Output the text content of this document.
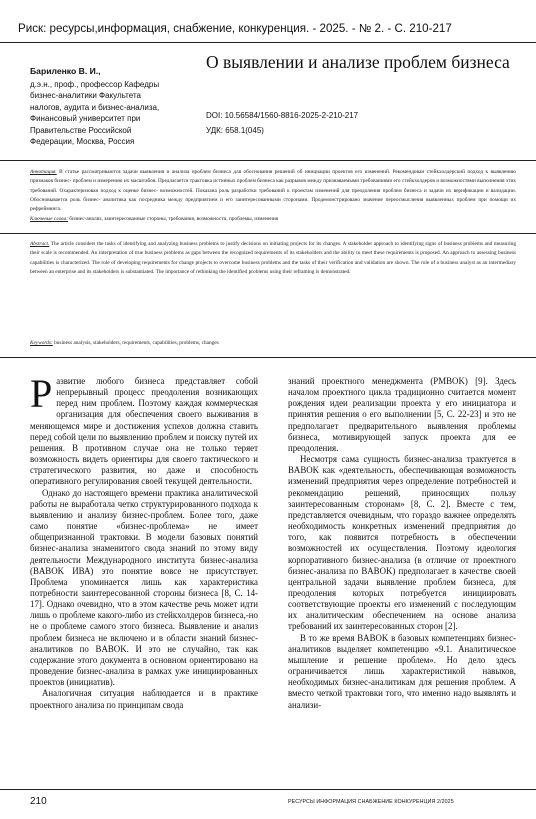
Риск: ресурсы,информация, снабжение, конкуренция. - 2025. - № 2. - С. 210-217
Бариленко В. И.,
д.э.н., проф., профессор Кафедры
бизнес-аналитики Факультета
налогов, аудита и бизнес-анализа,
Финансовый университет при
Правительстве Российской
Федерации, Москва, Россия
О выявлении и анализе проблем бизнеса
DOI: 10.56584/1560-8816-2025-2-210-217
УДК: 658.1(045)
Аннотация. В статье рассматриваются задачи выявления и анализа проблем бизнеса для обоснования решений об инициации проектов его изменений. Рекомендован стейкхолдерский подход к выявлению признаков бизнес- проблем и измерению их масштабов. Предлагается трактовка истинных проблем бизнеса как разрывов между признаваемыми требованиями его стейкхолдеров и возможностями выполнения этих требований. Охарактеризован подход к оценке бизнес- возможностей. Показана роль разработки требований к проектам изменений для преодоления проблем бизнеса и задачи их верификации и валидации. Обосновывается роль бизнес- аналитика как посредника между предприятием и его заинтересованными сторонами. Продемонстрировано значение переосмысления выявленных проблем при помощи их рефрейминга.
Ключевые слова: бизнес-анализ, заинтересованные стороны, требования, возможности, проблемы, изменения
Abstract. The article considers the tasks of identifying and analyzing business problems to justify decisions on initiating projects for its changes. A stakeholder approach to identifying signs of business problems and measuring their scale is recommended. An interpretation of true business problems as gaps between the recognized requirements of its stakeholders and the ability to meet these requirements is proposed. An approach to assessing business capabilities is characterized. The role of developing requirements for change projects to overcome business problems and the tasks of their verification and validation are shown. The role of a business analyst as an intermediary between an enterprise and its stakeholders is substantiated. The importance of rethinking the identified problems using their reframing is demonstrated.
Keywords: business analysis, stakeholders, requirements, capabilities, problems, changes
Р азвитие любого бизнеса представляет собой непрерывный процесс преодоления возникающих перед ним проблем. Поэтому каждая коммерческая организация для обеспечения своего выживания в меняющемся мире и достижения успехов должна ставить перед собой цели по выявлению проблем и поиску путей их решения. В противном случае она не только теряет возможность видеть ориентиры для своего тактического и стратегического развития, но даже и способность оперативного регулирования своей текущей деятельности.

Однако до настоящего времени практика аналитической работы не выработала четко структурированного подхода к выявлению и анализу бизнес-проблем. Более того, даже само понятие «бизнес-проблема» не имеет общепризнанной трактовки. В модели базовых понятий бизнес-анализа знаменитого свода знаний по этому виду деятельности Международного института бизнес-анализа (BABOK ИВА) это понятие вовсе не присутствует. Проблема упоминается лишь как характеристика потребности заинтересованной стороны бизнеса [8, С. 14-17]. Однако очевидно, что в этом качестве речь может идти лишь о проблеме какого-либо из стейкхолдеров бизнеса,-но не о проблеме самого этого бизнеса. Выявление и анализ проблем бизнеса не включено и в области знаний бизнес-аналитиков по BABOK. И это не случайно, так как содержание этого документа в основном ориентировано на проведение бизнес-анализа в рамках уже инициированных проектов (инициатив).

Аналогичная ситуация наблюдается и в практике проектного анализа по принципам свода

знаний проектного менеджмента (PMBOK) [9]. Здесь началом проектного цикла традиционно считается момент рождения идеи реализации проекта у его инициатора и принятия решения о его выполнении [5, С. 22-23] и это не предполагает предварительного выявления проблемы бизнеса, мотивирующей запуск проекта для ее преодоления.

Несмотря сама сущность бизнес-анализа трактуется в BABOK как «деятельность, обеспечивающая возможность изменений предприятия через определение потребностей и рекомендацию решений, приносящих пользу заинтересованным сторонам» [8, С. 2]. Вместе с тем, представляется очевидным, что гораздо важнее определять необходимость конкретных изменений предприятия до того, как появится потребность в обеспечении возможностей их осуществления. Поэтому идеология корпоративного бизнес-анализа (в отличие от проектного бизнес-анализа по BABOK) предполагает в качестве своей центральной задачи выявление проблем бизнеса, для преодоления которых потребуется инициировать соответствующие проекты его изменений с последующим их аналитическим обеспечением на основе анализа требований их заинтересованных сторон [2].

В то же время BABOK в базовых компетенциях бизнес-аналитиков выделяет компетенцию «9.1. Аналитическое мышление и решение проблем». Но дело здесь ограничивается лишь характеристикой навыков, необходимых бизнес-аналитикам для решения проблем. А вместо четкой трактовки того, что именно надо выявлять и анализи-

210	РЕСУРСЫ ИНФОРМАЦИЯ СНАБЖЕНИЕ КОНКУРЕНЦИЯ 2/2025
